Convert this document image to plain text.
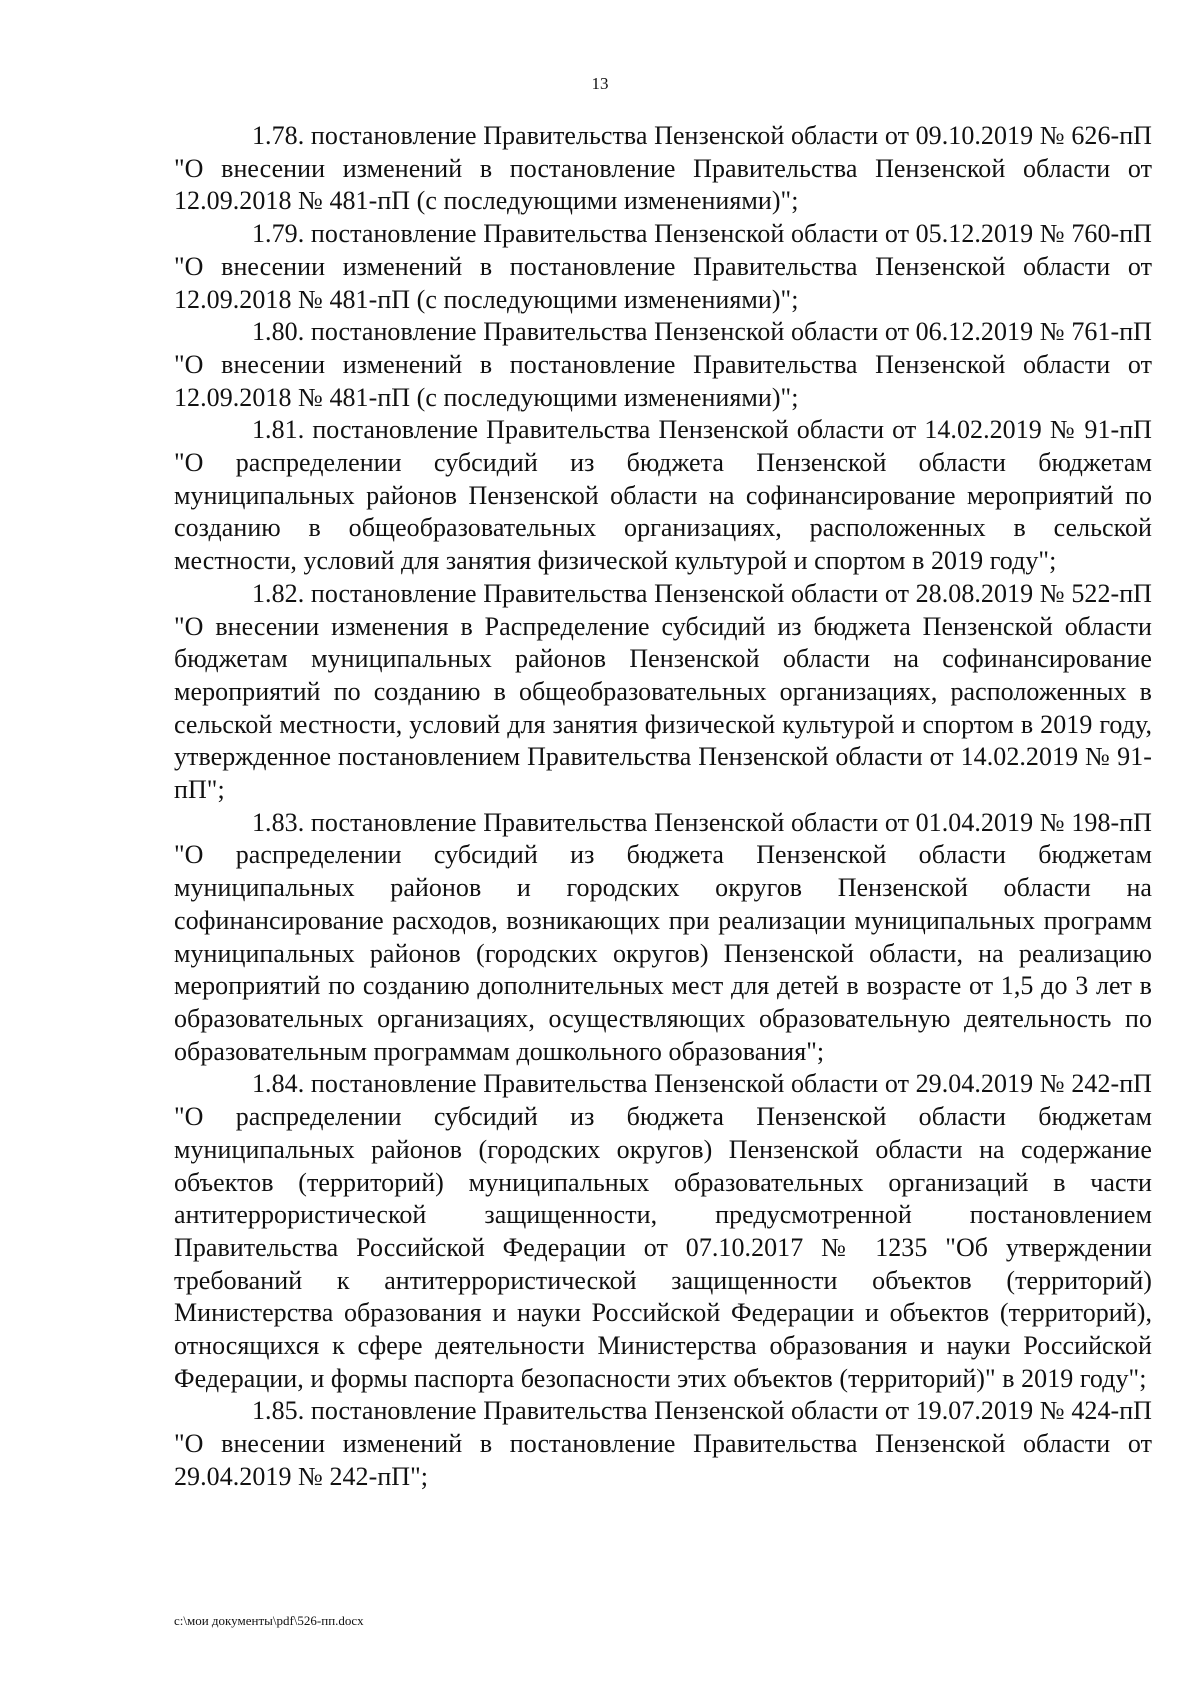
13

1.78. постановление Правительства Пензенской области от 09.10.2019 № 626-пП "О внесении изменений в постановление Правительства Пензенской области от 12.09.2018 № 481-пП (с последующими изменениями)";

1.79. постановление Правительства Пензенской области от 05.12.2019 № 760-пП "О внесении изменений в постановление Правительства Пензенской области от 12.09.2018 № 481-пП (с последующими изменениями)";

1.80. постановление Правительства Пензенской области от 06.12.2019 № 761-пП "О внесении изменений в постановление Правительства Пензенской области от 12.09.2018 № 481-пП (с последующими изменениями)";

1.81. постановление Правительства Пензенской области от 14.02.2019 № 91-пП "О распределении субсидий из бюджета Пензенской области бюджетам муниципальных районов Пензенской области на софинансирование мероприятий по созданию в общеобразовательных организациях, расположенных в сельской местности, условий для занятия физической культурой и спортом в 2019 году";

1.82. постановление Правительства Пензенской области от 28.08.2019 № 522-пП "О внесении изменения в Распределение субсидий из бюджета Пензенской области бюджетам муниципальных районов Пензенской области на софинансирование мероприятий по созданию в общеобразовательных организациях, расположенных в сельской местности, условий для занятия физической культурой и спортом в 2019 году, утвержденное постановлением Правительства Пензенской области от 14.02.2019 № 91-пП";

1.83. постановление Правительства Пензенской области от 01.04.2019 № 198-пП "О распределении субсидий из бюджета Пензенской области бюджетам муниципальных районов и городских округов Пензенской области на софинансирование расходов, возникающих при реализации муниципальных программ муниципальных районов (городских округов) Пензенской области, на реализацию мероприятий по созданию дополнительных мест для детей в возрасте от 1,5 до 3 лет в образовательных организациях, осуществляющих образовательную деятельность по образовательным программам дошкольного образования";

1.84. постановление Правительства Пензенской области от 29.04.2019 № 242-пП "О распределении субсидий из бюджета Пензенской области бюджетам муниципальных районов (городских округов) Пензенской области на содержание объектов (территорий) муниципальных образовательных организаций в части антитеррористической защищенности, предусмотренной постановлением Правительства Российской Федерации от 07.10.2017 № 1235 "Об утверждении требований к антитеррористической защищенности объектов (территорий) Министерства образования и науки Российской Федерации и объектов (территорий), относящихся к сфере деятельности Министерства образования и науки Российской Федерации, и формы паспорта безопасности этих объектов (территорий)" в 2019 году";

1.85. постановление Правительства Пензенской области от 19.07.2019 № 424-пП "О внесении изменений в постановление Правительства Пензенской области от 29.04.2019 № 242-пП";

c:\мои документы\pdf\526-пп.docx
